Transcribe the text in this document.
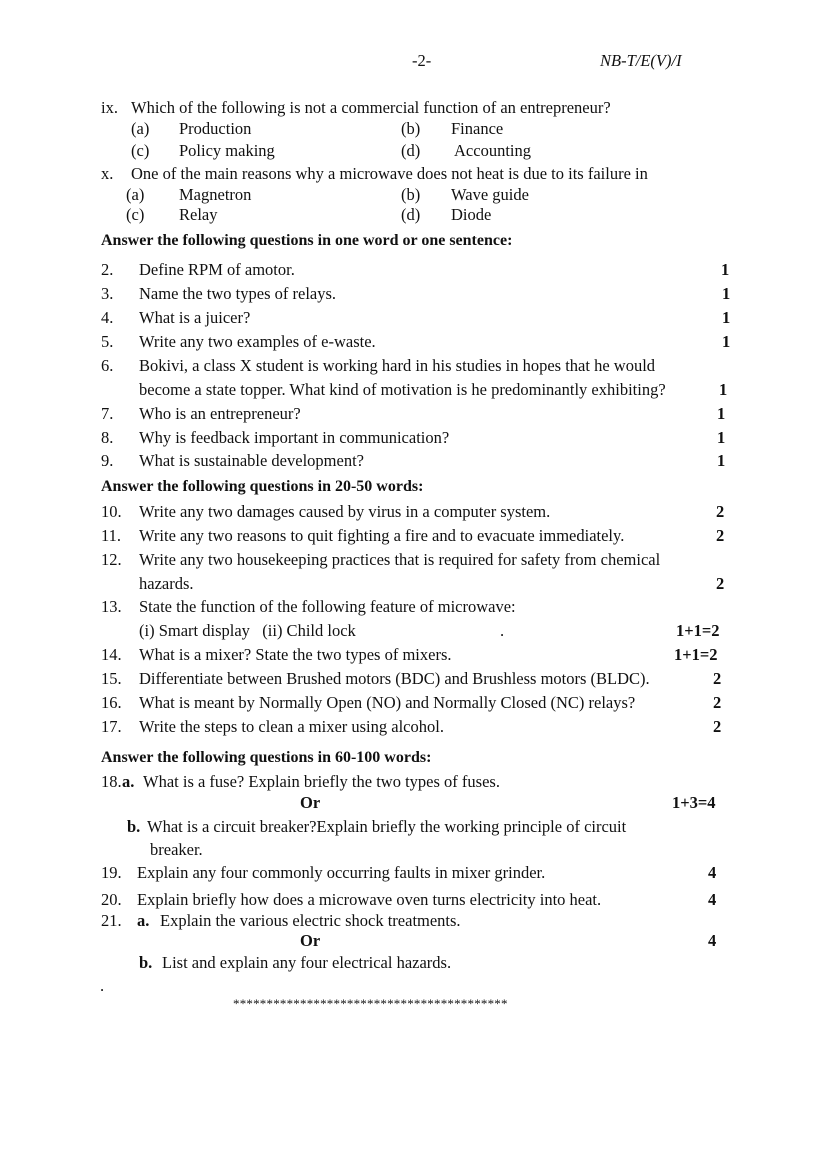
-2-	NB-T/E(V)/I
ix. Which of the following is not a commercial function of an entrepreneur?
(a) Production	(b) Finance
(c) Policy making	(d) Accounting
x. One of the main reasons why a microwave does not heat is due to its failure in
(a) Magnetron	(b) Wave guide
(c) Relay	(d) Diode
Answer the following questions in one word or one sentence:
2. Define RPM of amotor.	1
3. Name the two types of relays.	1
4. What is a juicer?	1
5. Write any two examples of e-waste.	1
6. Bokivi, a class X student is working hard in his studies in hopes that he would
become a state topper. What kind of motivation is he predominantly exhibiting?	1
7. Who is an entrepreneur?	1
8. Why is feedback important in communication?	1
9. What is sustainable development?	1
Answer the following questions in 20-50 words:
10. Write any two damages caused by virus in a computer system.	2
11. Write any two reasons to quit fighting a fire and to evacuate immediately.	2
12. Write any two housekeeping practices that is required for safety from chemical
hazards.	2
13. State the function of the following feature of microwave:
(i) Smart display   (ii) Child lock	.	1+1=2
14. What is a mixer? State the two types of mixers.	1+1=2
15. Differentiate between Brushed motors (BDC) and Brushless motors (BLDC).	2
16. What is meant by Normally Open (NO) and Normally Closed (NC) relays?	2
17. Write the steps to clean a mixer using alcohol.	2
Answer the following questions in 60-100 words:
18. a. What is a fuse? Explain briefly the two types of fuses.
Or	1+3=4
b. What is a circuit breaker?Explain briefly the working principle of circuit
breaker.
19. Explain any four commonly occurring faults in mixer grinder.	4
20. Explain briefly how does a microwave oven turns electricity into heat.	4
21. a. Explain the various electric shock treatments.
Or	4
b. List and explain any four electrical hazards.
.
*****************************************
